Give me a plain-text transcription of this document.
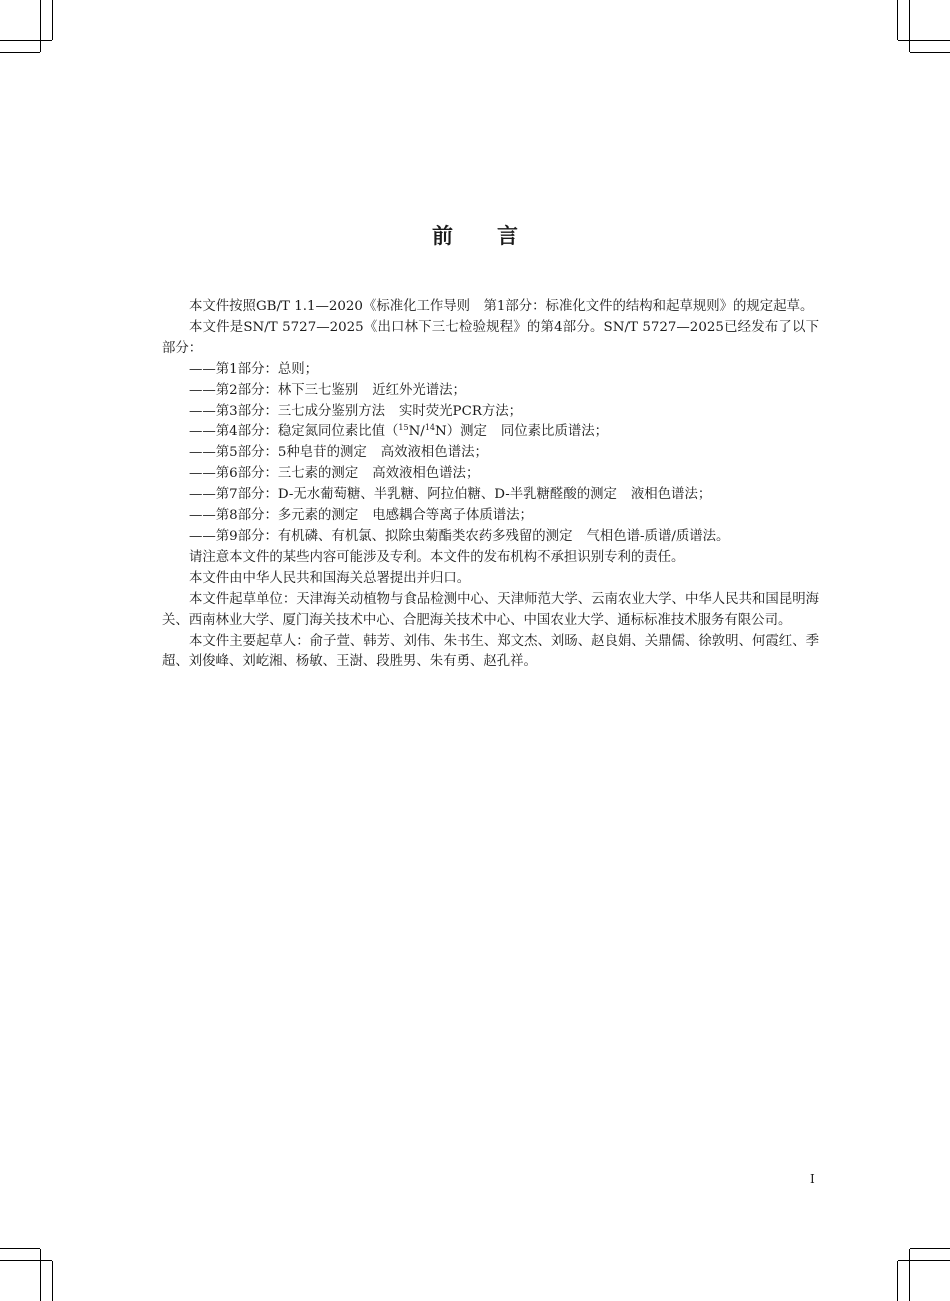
前 言

本文件按照GB/T 1.1—2020《标准化工作导则　第1部分：标准化文件的结构和起草规则》的规定起草。

本文件是SN/T 5727—2025《出口林下三七检验规程》的第4部分。SN/T 5727—2025已经发布了以下部分：

——第1部分：总则；
——第2部分：林下三七鉴别 近红外光谱法；
——第3部分：三七成分鉴别方法 实时荧光PCR方法；
——第4部分：稳定氮同位素比值（$^{15}$N/$^{14}$N）测定 同位素比质谱法；
——第5部分：5种皂苷的测定 高效液相色谱法；
——第6部分：三七素的测定 高效液相色谱法；
——第7部分：D-无水葡萄糖、半乳糖、阿拉伯糖、D-半乳糖醛酸的测定 液相色谱法；
——第8部分：多元素的测定 电感耦合等离子体质谱法；
——第9部分：有机磷、有机氯、拟除虫菊酯类农药多残留的测定 气相色谱-质谱/质谱法。

请注意本文件的某些内容可能涉及专利。本文件的发布机构不承担识别专利的责任。

本文件由中华人民共和国海关总署提出并归口。

本文件起草单位：天津海关动植物与食品检测中心、天津师范大学、云南农业大学、中华人民共和国昆明海关、西南林业大学、厦门海关技术中心、合肥海关技术中心、中国农业大学、通标标准技术服务有限公司。

本文件主要起草人：俞子萱、韩芳、刘伟、朱书生、郑文杰、刘旸、赵良娟、关鼎儒、徐敦明、何霞红、季超、刘俊峰、刘屹湘、杨敏、王澍、段胜男、朱有勇、赵孔祥。

I
